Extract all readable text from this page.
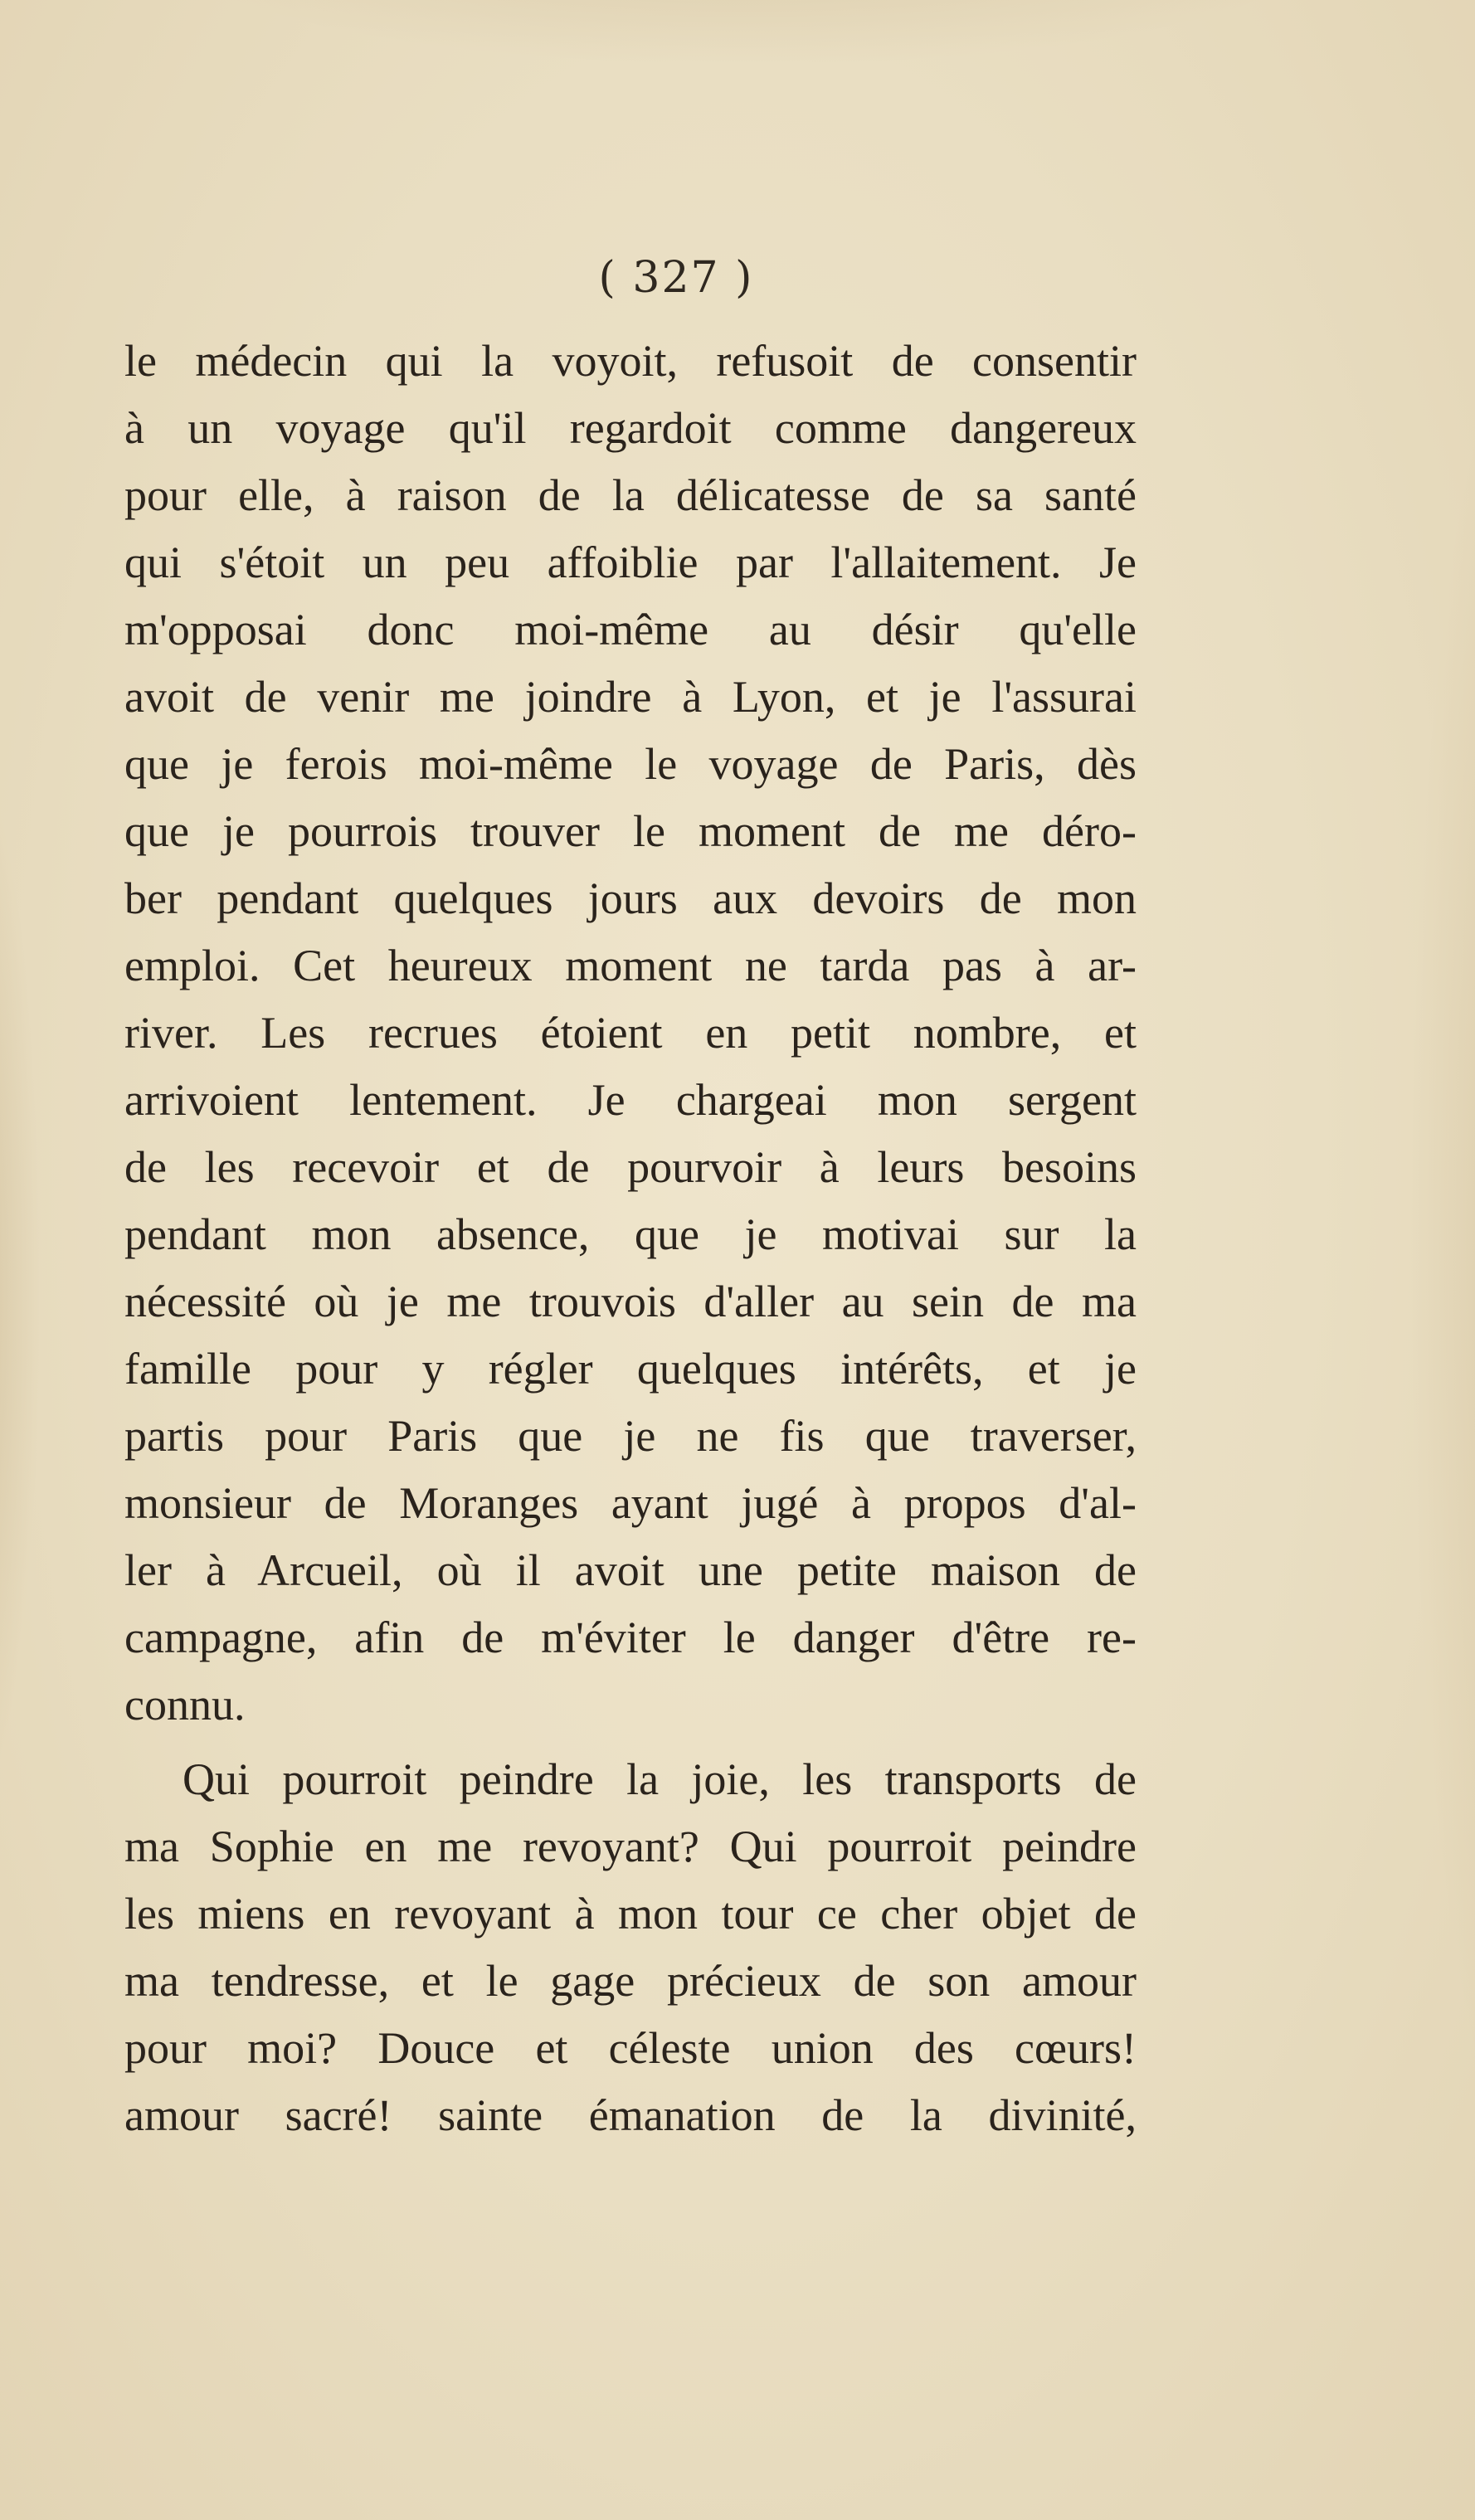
( 327 )
le médecin qui la voyoit, refusoit de consentir
à un voyage qu'il regardoit comme dangereux
pour elle, à raison de la délicatesse de sa santé
qui s'étoit un peu affoiblie par l'allaitement. Je
m'opposai donc moi-même au désir qu'elle
avoit de venir me joindre à Lyon, et je l'assurai
que je ferois moi-même le voyage de Paris, dès
que je pourrois trouver le moment de me déro-
ber pendant quelques jours aux devoirs de mon
emploi. Cet heureux moment ne tarda pas à ar-
river. Les recrues étoient en petit nombre, et
arrivoient lentement. Je chargeai mon sergent
de les recevoir et de pourvoir à leurs besoins
pendant mon absence, que je motivai sur la
nécessité où je me trouvois d'aller au sein de ma
famille pour y régler quelques intérêts, et je
partis pour Paris que je ne fis que traverser,
monsieur de Moranges ayant jugé à propos d'al-
ler à Arcueil, où il avoit une petite maison de
campagne, afin de m'éviter le danger d'être re-
connu.
Qui pourroit peindre la joie, les transports de
ma Sophie en me revoyant? Qui pourroit peindre
les miens en revoyant à mon tour ce cher objet de
ma tendresse, et le gage précieux de son amour
pour moi? Douce et céleste union des cœurs!
amour sacré! sainte émanation de la divinité,
